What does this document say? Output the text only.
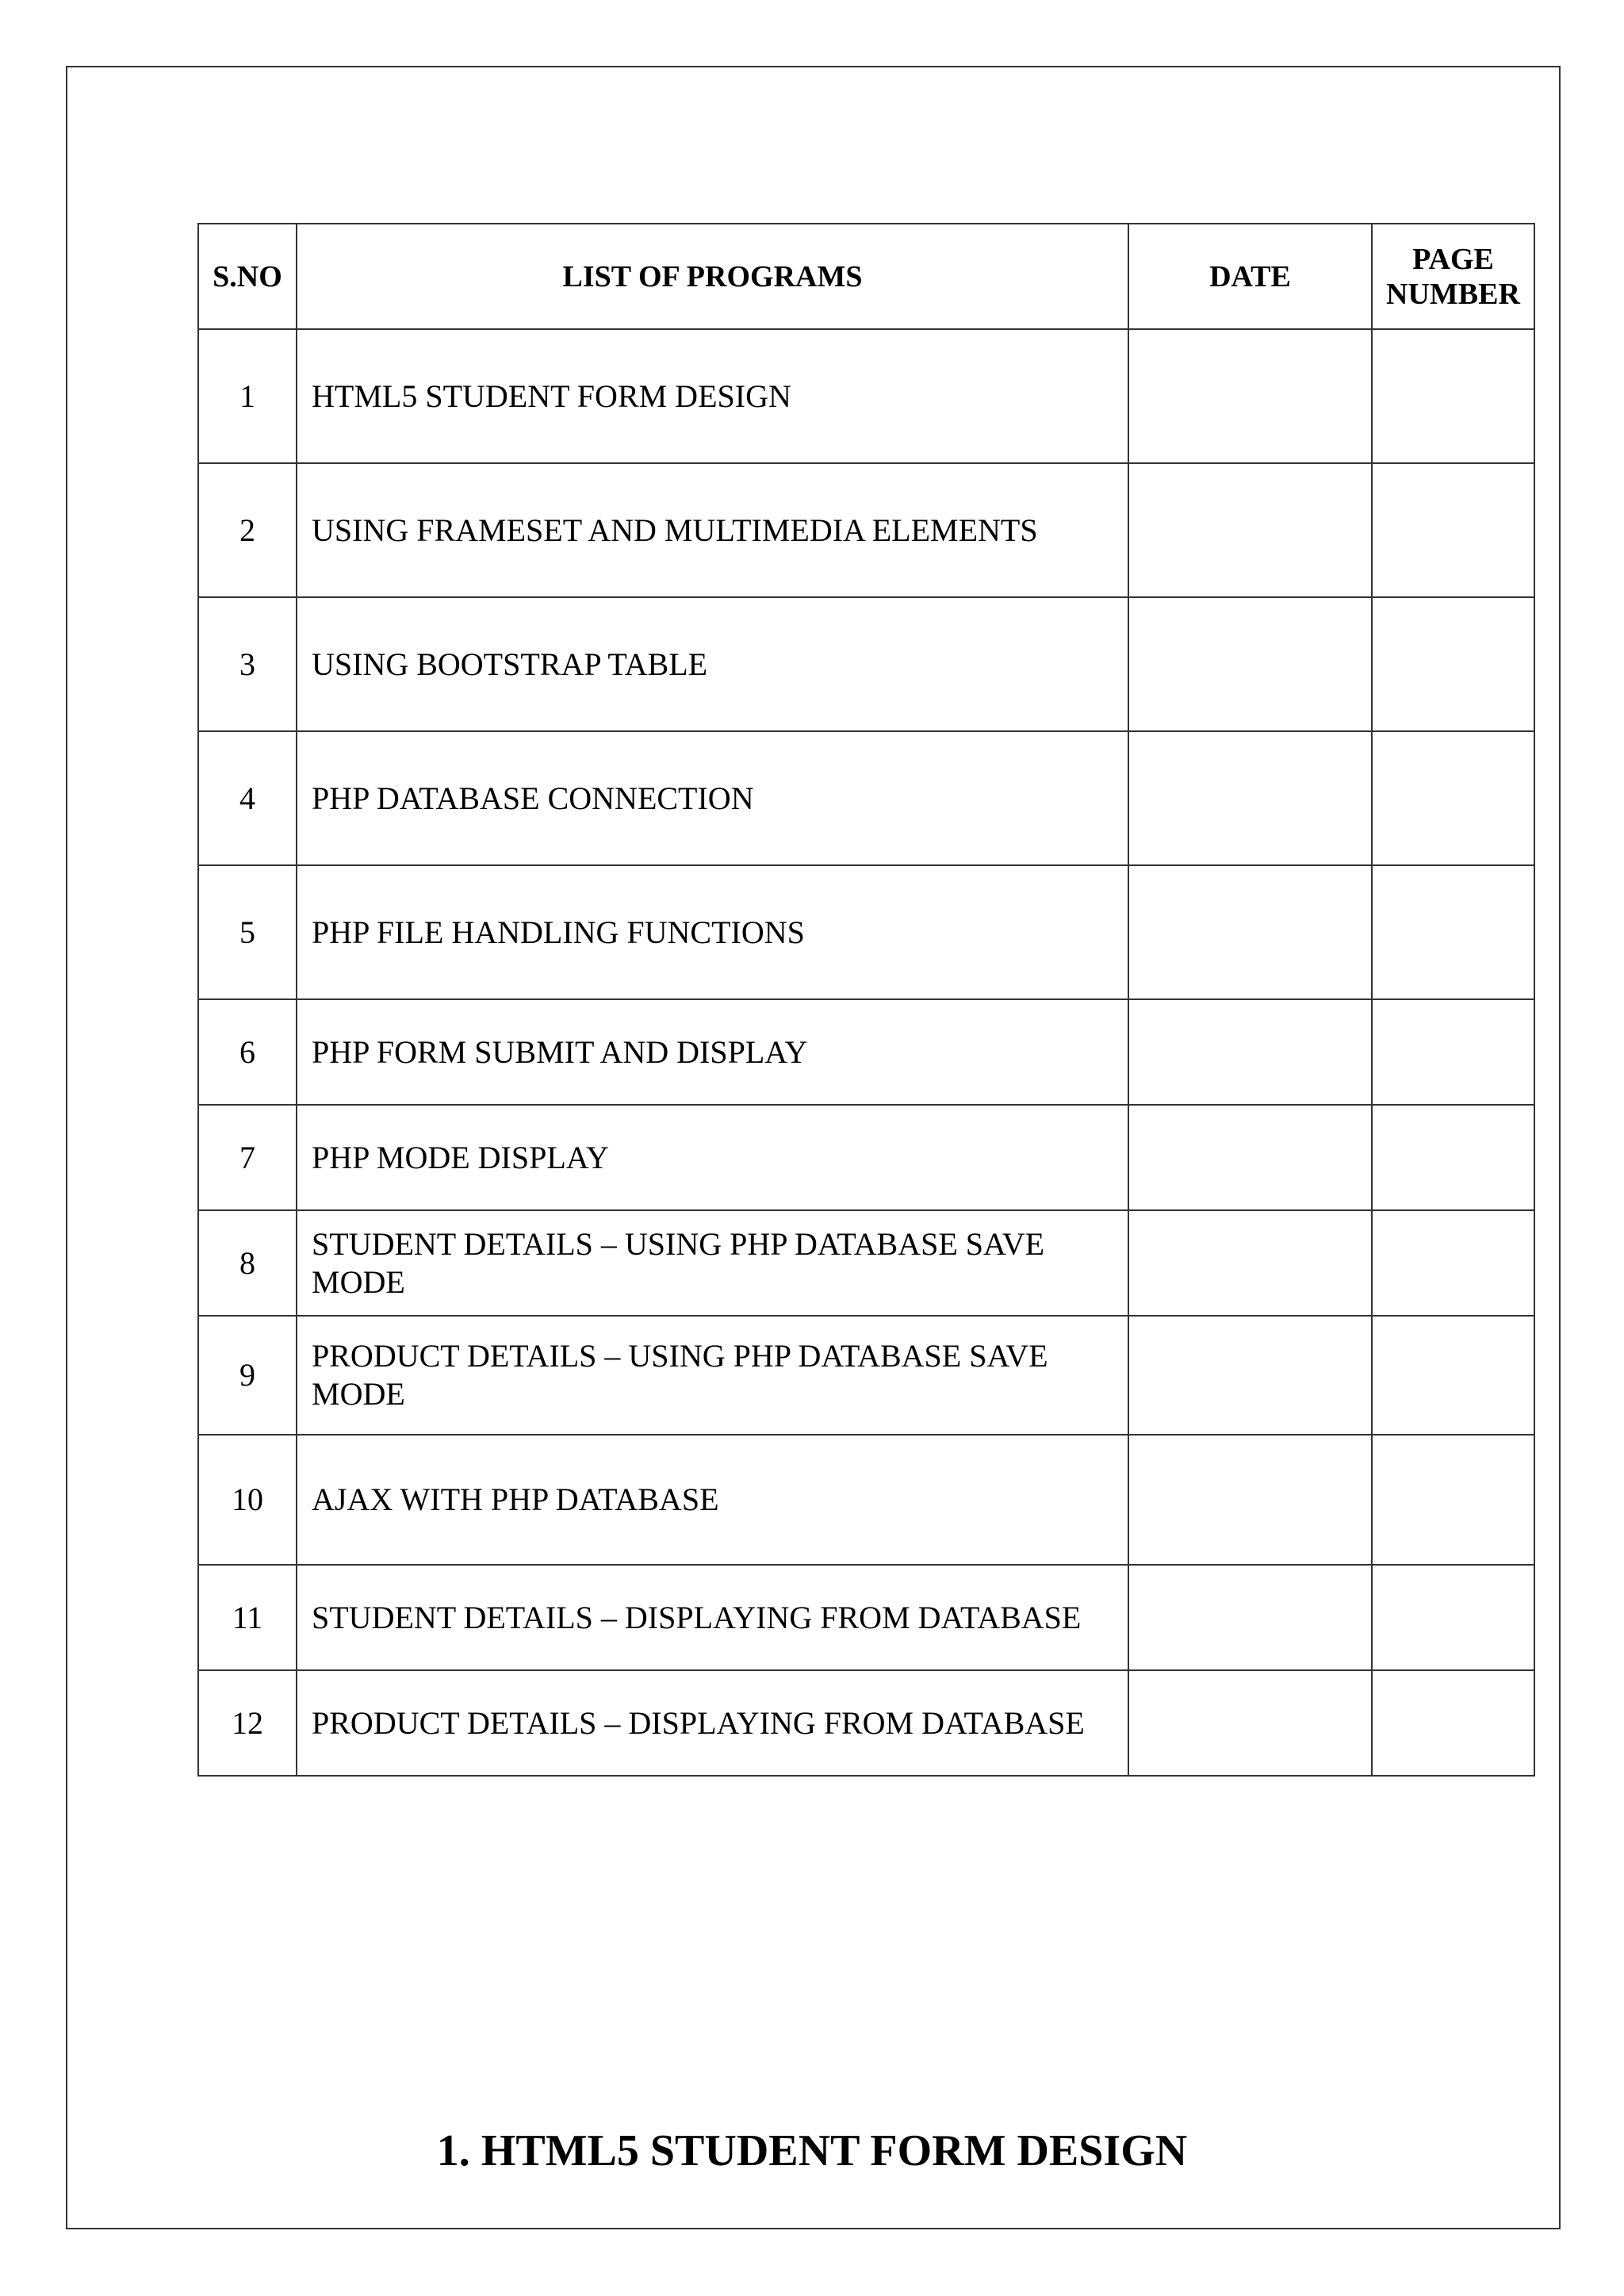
S.NO	LIST OF PROGRAMS	DATE	PAGE
NUMBER

1	HTML5 STUDENT FORM DESIGN		
2	USING FRAMESET AND MULTIMEDIA ELEMENTS		
3	USING BOOTSTRAP TABLE		
4	PHP DATABASE CONNECTION		
5	PHP FILE HANDLING FUNCTIONS		
6	PHP FORM SUBMIT AND DISPLAY		
7	PHP MODE DISPLAY		
8	STUDENT DETAILS – USING PHP DATABASE SAVE MODE		
9	PRODUCT DETAILS – USING PHP DATABASE SAVE MODE		
10	AJAX WITH PHP DATABASE		
11	STUDENT DETAILS – DISPLAYING FROM DATABASE		
12	PRODUCT DETAILS – DISPLAYING FROM DATABASE		
1. HTML5 STUDENT FORM DESIGN
